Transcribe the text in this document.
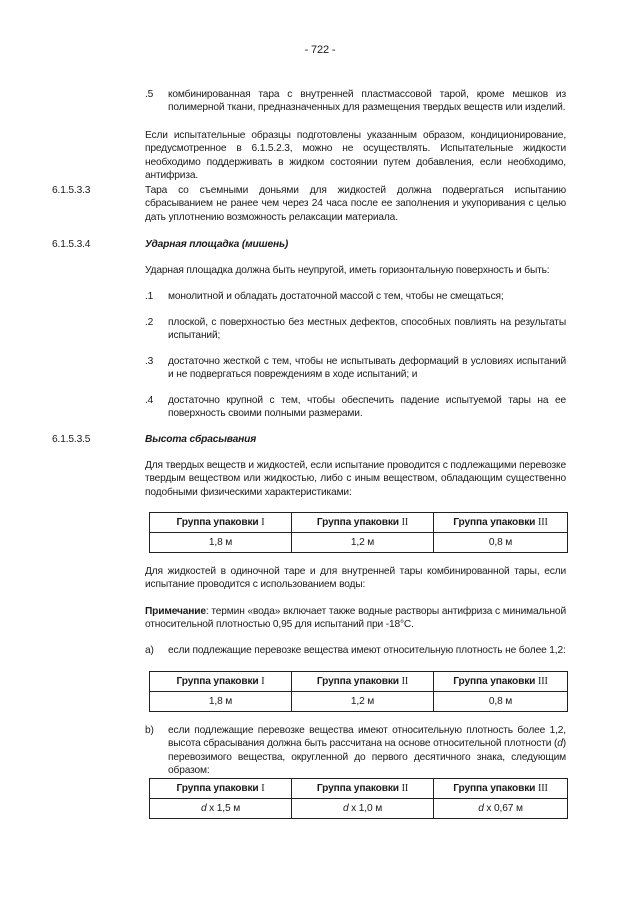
- 722 -
.5 комбинированная тара с внутренней пластмассовой тарой, кроме мешков из полимерной ткани, предназначенных для размещения твердых веществ или изделий.
Если испытательные образцы подготовлены указанным образом, кондиционирование, предусмотренное в 6.1.5.2.3, можно не осуществлять. Испытательные жидкости необходимо поддерживать в жидком состоянии путем добавления, если необходимо, антифриза.
6.1.5.3.3	Тара со съемными доньями для жидкостей должна подвергаться испытанию сбрасыванием не ранее чем через 24 часа после ее заполнения и укупоривания с целью дать уплотнению возможность релаксации материала.
6.1.5.3.4	Ударная площадка (мишень)
Ударная площадка должна быть неупругой, иметь горизонтальную поверхность и быть:
.1 монолитной и обладать достаточной массой с тем, чтобы не смещаться;
.2 плоской, с поверхностью без местных дефектов, способных повлиять на результаты испытаний;
.3 достаточно жесткой с тем, чтобы не испытывать деформаций в условиях испытаний и не подвергаться повреждениям в ходе испытаний; и
.4 достаточно крупной с тем, чтобы обеспечить падение испытуемой тары на ее поверхность своими полными размерами.
6.1.5.3.5	Высота сбрасывания
Для твердых веществ и жидкостей, если испытание проводится с подлежащими перевозке твердым веществом или жидкостью, либо с иным веществом, обладающим существенно подобными физическими характеристиками:
Группа упаковки I	Группа упаковки II	Группа упаковки III
1,8 м	1,2 м	0,8 м
Для жидкостей в одиночной таре и для внутренней тары комбинированной тары, если испытание проводится с использованием воды:
Примечание: термин «вода» включает также водные растворы антифриза с минимальной относительной плотностью 0,95 для испытаний при -18°C.
а) если подлежащие перевозке вещества имеют относительную плотность не более 1,2:
Группа упаковки I	Группа упаковки II	Группа упаковки III
1,8 м	1,2 м	0,8 м
b) если подлежащие перевозке вещества имеют относительную плотность более 1,2, высота сбрасывания должна быть рассчитана на основе относительной плотности (d) перевозимого вещества, округленной до первого десятичного знака, следующим образом:
Группа упаковки I	Группа упаковки II	Группа упаковки III
d x 1,5 м	d x 1,0 м	d x 0,67 м
